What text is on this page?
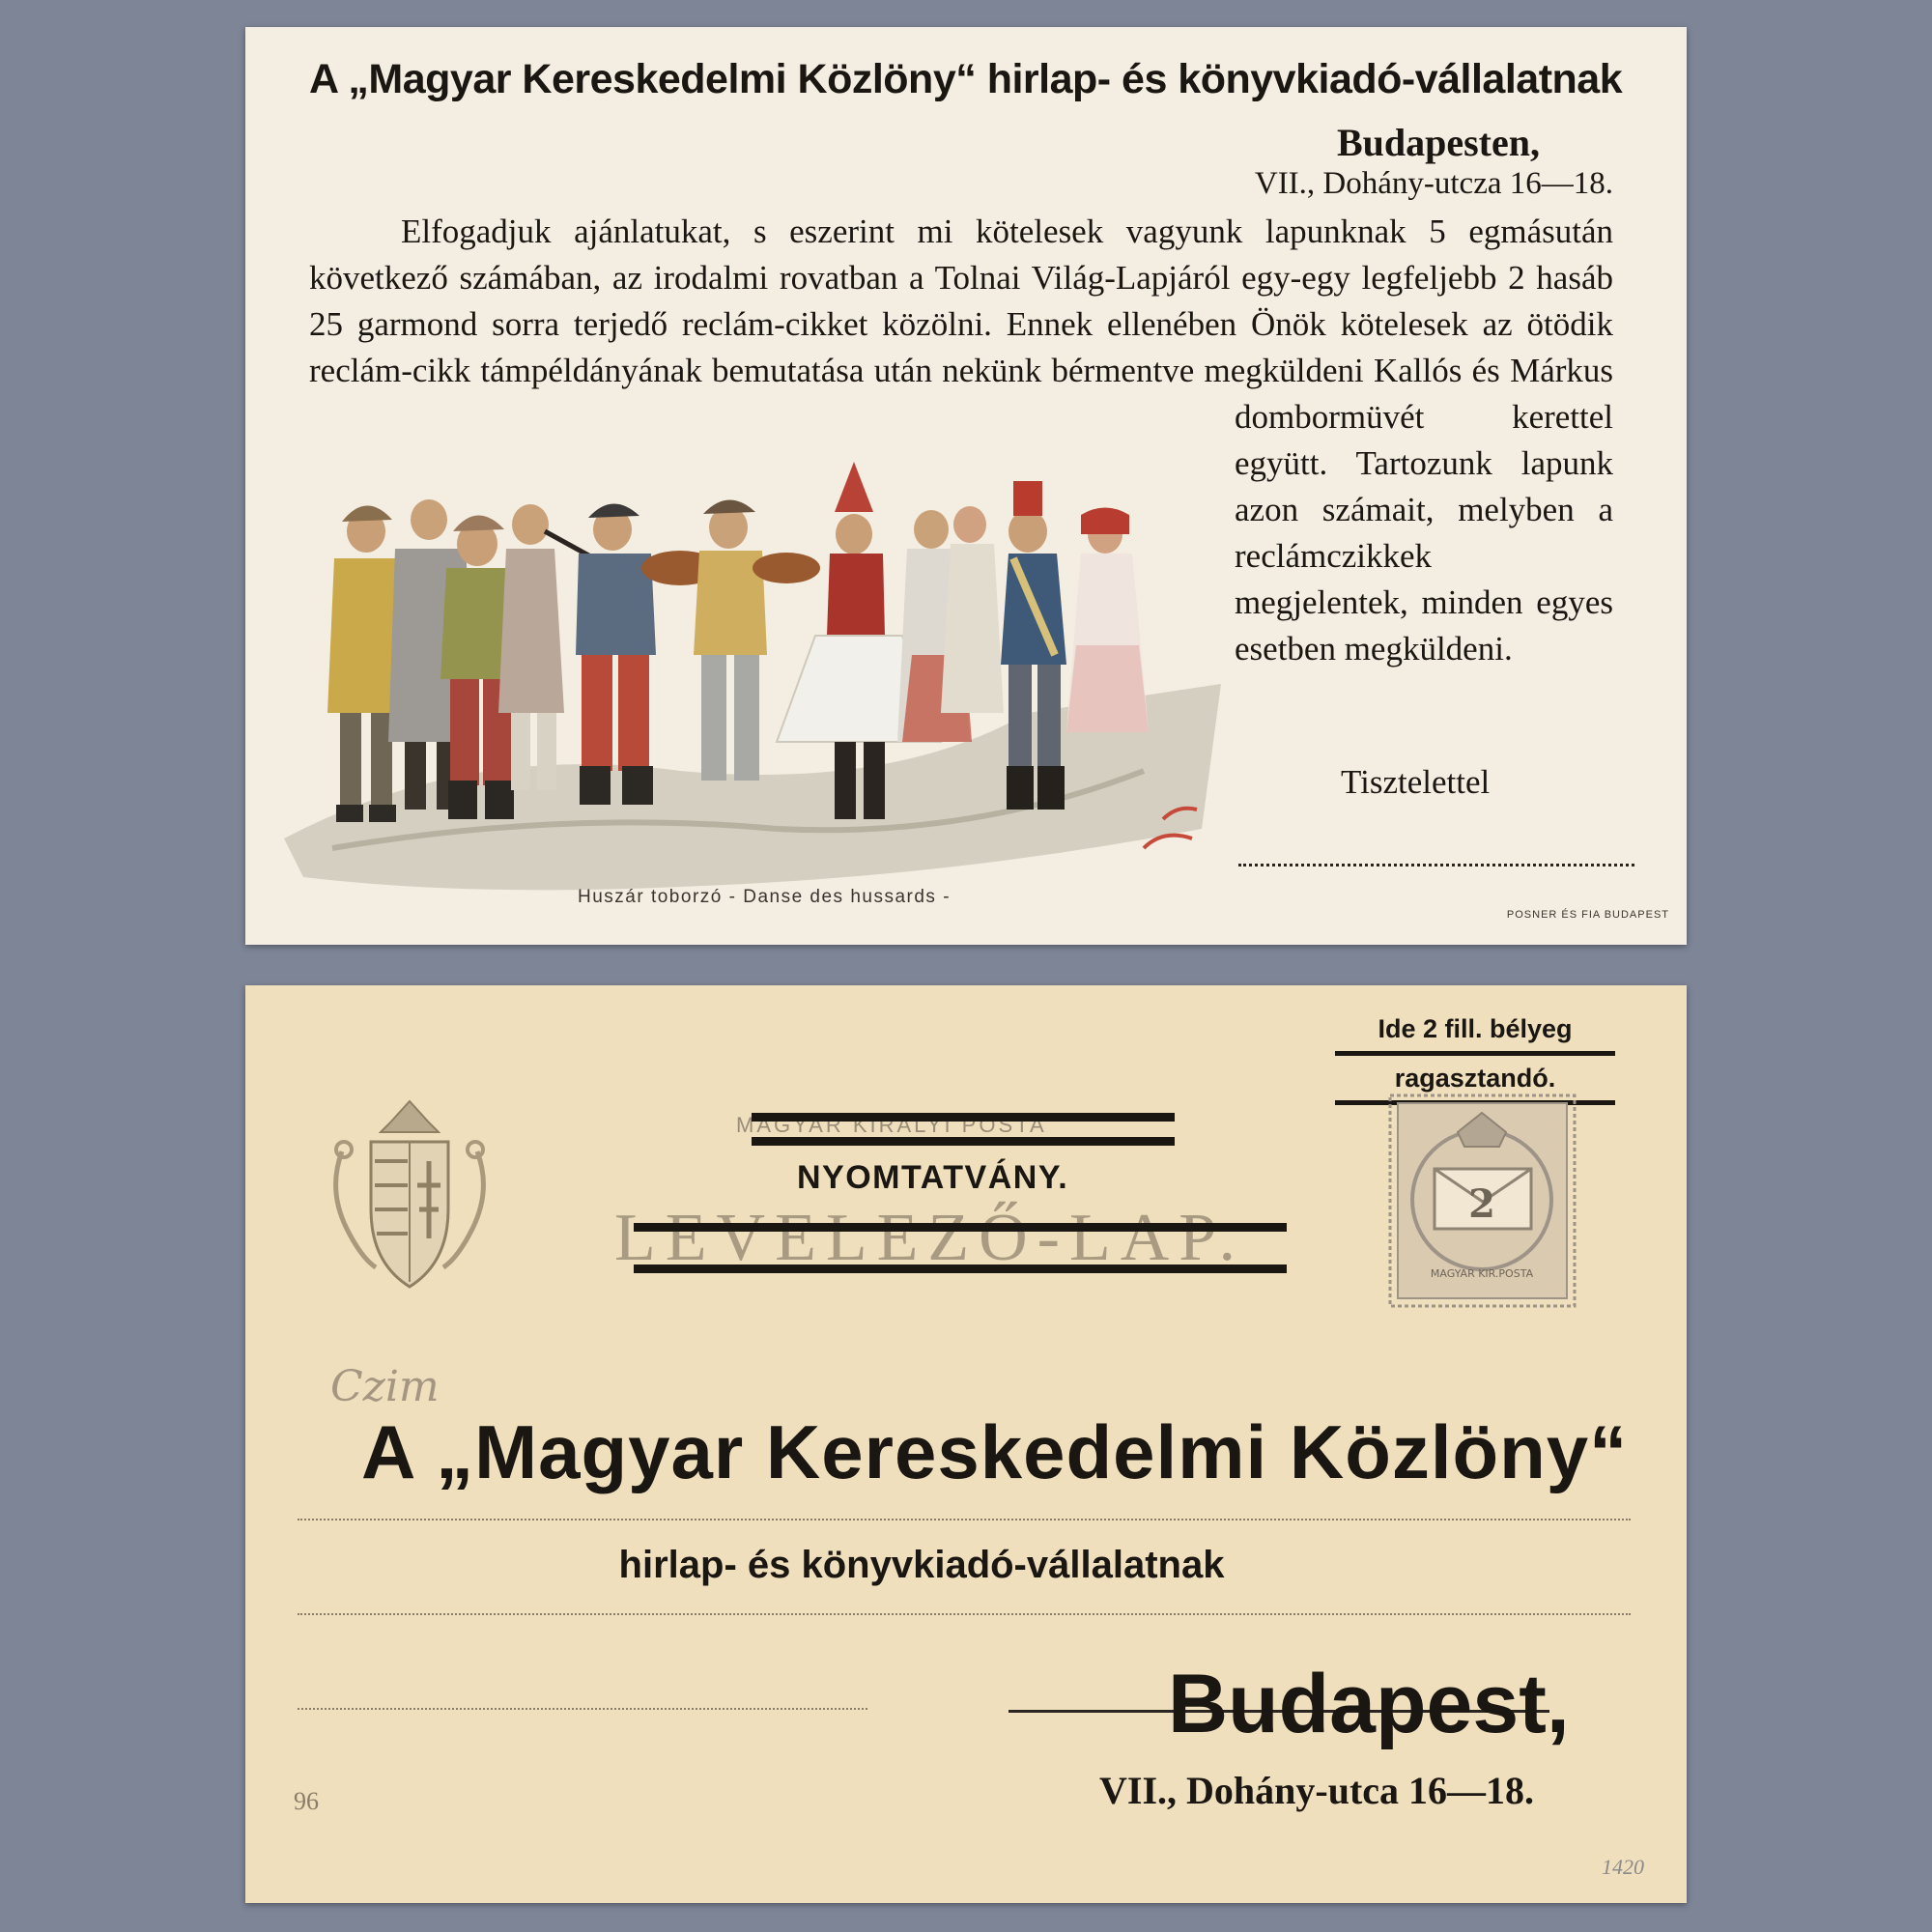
A „Magyar Kereskedelmi Közlöny“ hirlap- és könyvkiadó-vállalatnak
Budapesten,
VII., Dohány-utcza 16—18.

Elfogadjuk ajánlatukat, s eszerint mi kötelesek vagyunk lapunknak 5 egmásután következő számában, az irodalmi rovatban a Tolnai Világ-Lapjáról egy-egy legfeljebb 2 hasáb 25 garmond sorra terjedő reclám-cikket közölni. Ennek ellenében Önök kötelesek az ötödik reclám-cikk támpéldányának bemutatása után nekünk bérmentve megküldeni Kallós és Márkus dombormüvét kerettel együtt. Tartozunk lapunk azon számait, melyben a reclámczikkek megjelentek, minden egyes esetben megküldeni.

Huszár toborzó - Danse des hussards -
Tisztelettel
POSNER ÉS FIA BUDAPEST
Ide 2 fill. bélyeg
ragasztandó.
2
MAGYAR KIR.POSTA
MAGYAR KIRÁLYI POSTA
NYOMTATVÁNY.
LEVELEZŐ-LAP.
Czim
A „Magyar Kereskedelmi Közlöny“
hirlap- és könyvkiadó-vállalatnak
Budapest,
VII., Dohány-utca 16—18.
96
1420
